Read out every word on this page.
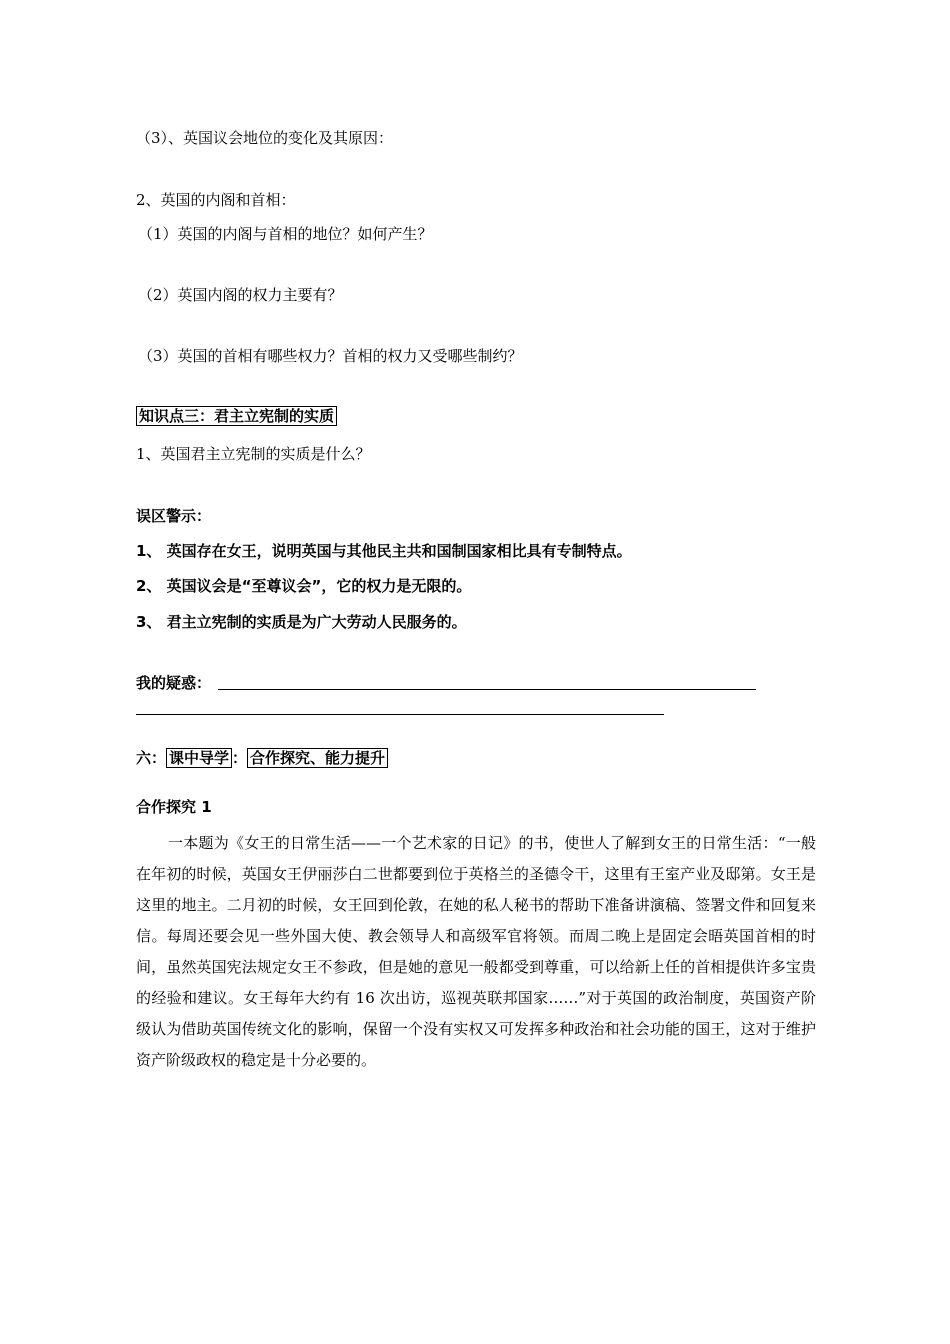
（3）、英国议会地位的变化及其原因：
2、英国的内阁和首相：
（1）英国的内阁与首相的地位？如何产生？
（2）英国内阁的权力主要有？
（3）英国的首相有哪些权力？首相的权力又受哪些制约？
知识点三：君主立宪制的实质
1、英国君主立宪制的实质是什么？
误区警示：
1、 英国存在女王，说明英国与其他民主共和国制国家相比具有专制特点。
2、 英国议会是“至尊议会”，它的权力是无限的。
3、 君主立宪制的实质是为广大劳动人民服务的。
我的疑惑：
六： 课中导学 ： 合作探究、能力提升
合作探究 1

一本题为《女王的日常生活——一个艺术家的日记》的书，使世人了解到女王的日常生活：“一般在年初的时候，英国女王伊丽莎白二世都要到位于英格兰的圣德令干，这里有王室产业及邸第。女王是这里的地主。二月初的时候，女王回到伦敦，在她的私人秘书的帮助下准备讲演稿、签署文件和回复来信。每周还要会见一些外国大使、教会领导人和高级军官将领。而周二晚上是固定会晤英国首相的时间，虽然英国宪法规定女王不参政，但是她的意见一般都受到尊重，可以给新上任的首相提供许多宝贵的经验和建议。女王每年大约有 16 次出访，巡视英联邦国家……”对于英国的政治制度，英国资产阶级认为借助英国传统文化的影响，保留一个没有实权又可发挥多种政治和社会功能的国王，这对于维护资产阶级政权的稳定是十分必要的。
